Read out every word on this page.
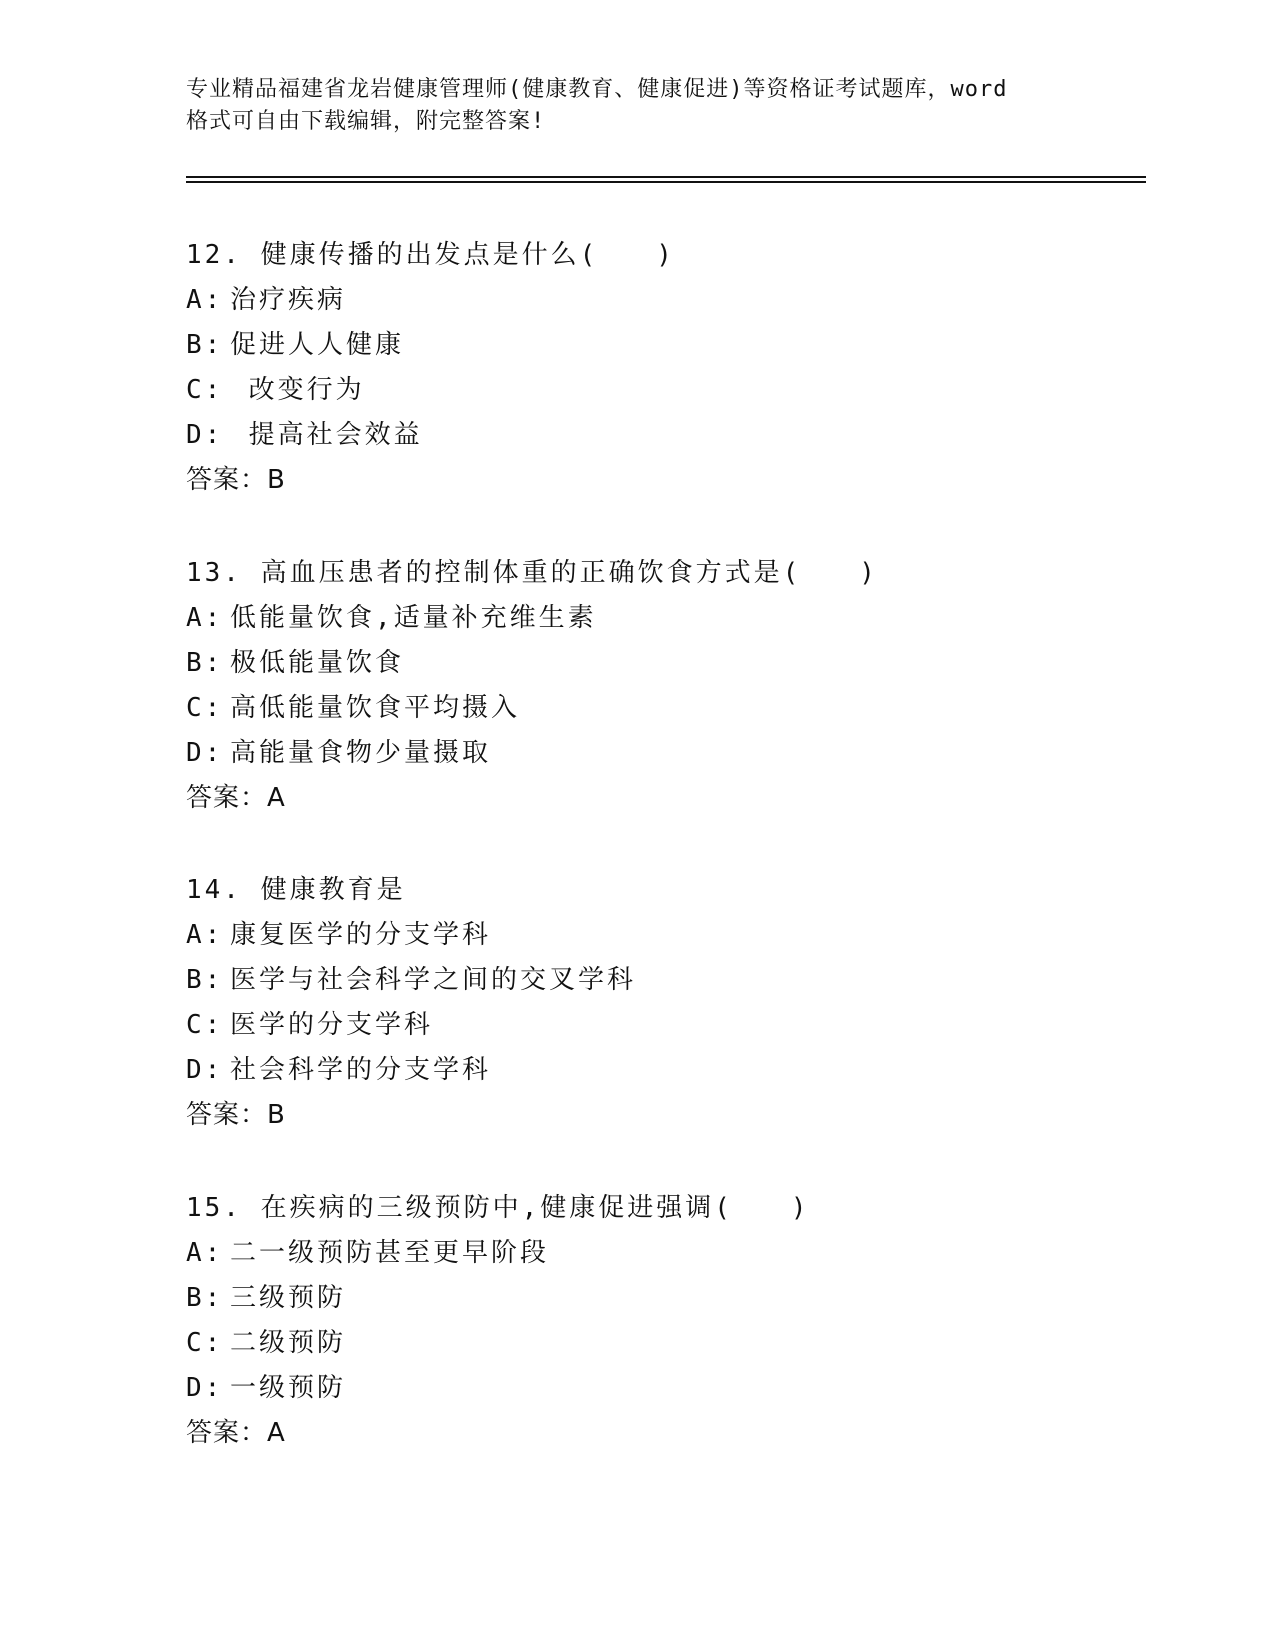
专业精品福建省龙岩健康管理师(健康教育、健康促进)等资格证考试题库，word
格式可自由下载编辑，附完整答案!
12. 健康传播的出发点是什么(　　)
A: 治疗疾病
B: 促进人人健康
C: 改变行为
D: 提高社会效益
答案：B
13. 高血压患者的控制体重的正确饮食方式是(　　)
A: 低能量饮食,适量补充维生素
B: 极低能量饮食
C: 高低能量饮食平均摄入
D: 高能量食物少量摄取
答案：A
14. 健康教育是
A: 康复医学的分支学科
B: 医学与社会科学之间的交叉学科
C: 医学的分支学科
D: 社会科学的分支学科
答案：B
15. 在疾病的三级预防中,健康促进强调(　　)
A: 二一级预防甚至更早阶段
B: 三级预防
C: 二级预防
D: 一级预防
答案：A
